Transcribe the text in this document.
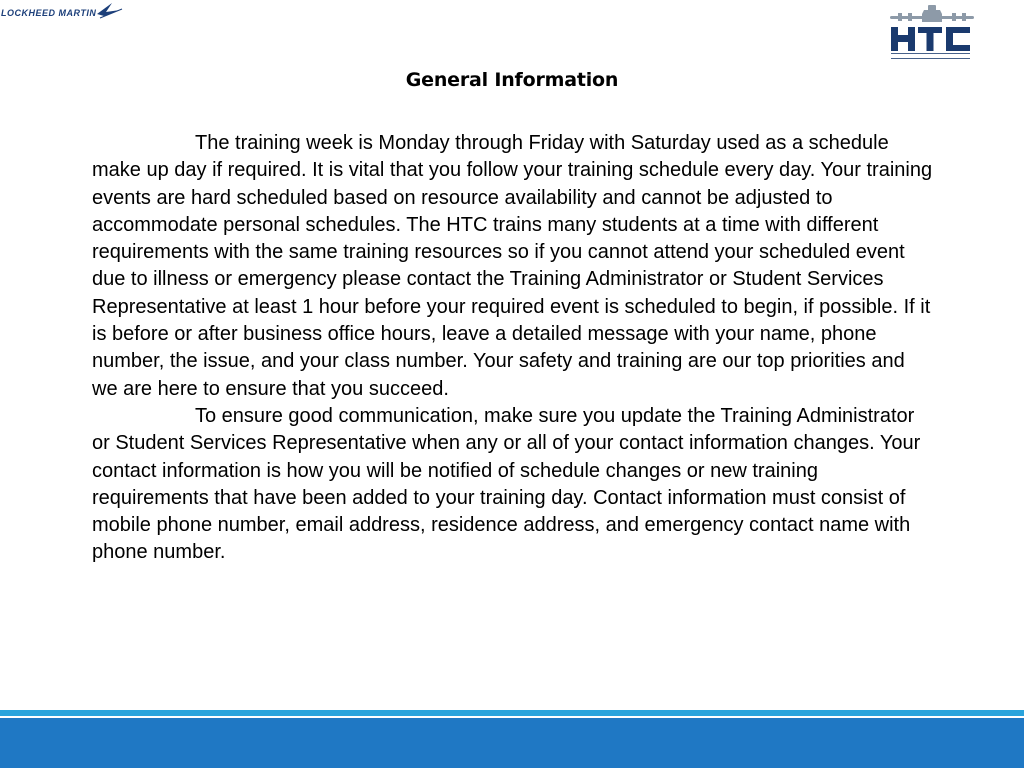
LOCKHEED MARTIN
General Information

The training week is Monday through Friday with Saturday used as a schedule make up day if required. It is vital that you follow your training schedule every day. Your training events are hard scheduled based on resource availability and cannot be adjusted to accommodate personal schedules. The HTC trains many students at a time with different requirements with the same training resources so if you cannot attend your scheduled event due to illness or emergency please contact the Training Administrator or Student Services Representative at least 1 hour before your required event is scheduled to begin, if possible. If it is before or after business office hours, leave a detailed message with your name, phone number, the issue, and your class number. Your safety and training are our top priorities and we are here to ensure that you succeed.

To ensure good communication, make sure you update the Training Administrator or Student Services Representative when any or all of your contact information changes. Your contact information is how you will be notified of schedule changes or new training requirements that have been added to your training day. Contact information must consist of mobile phone number, email address, residence address, and emergency contact name with phone number.
